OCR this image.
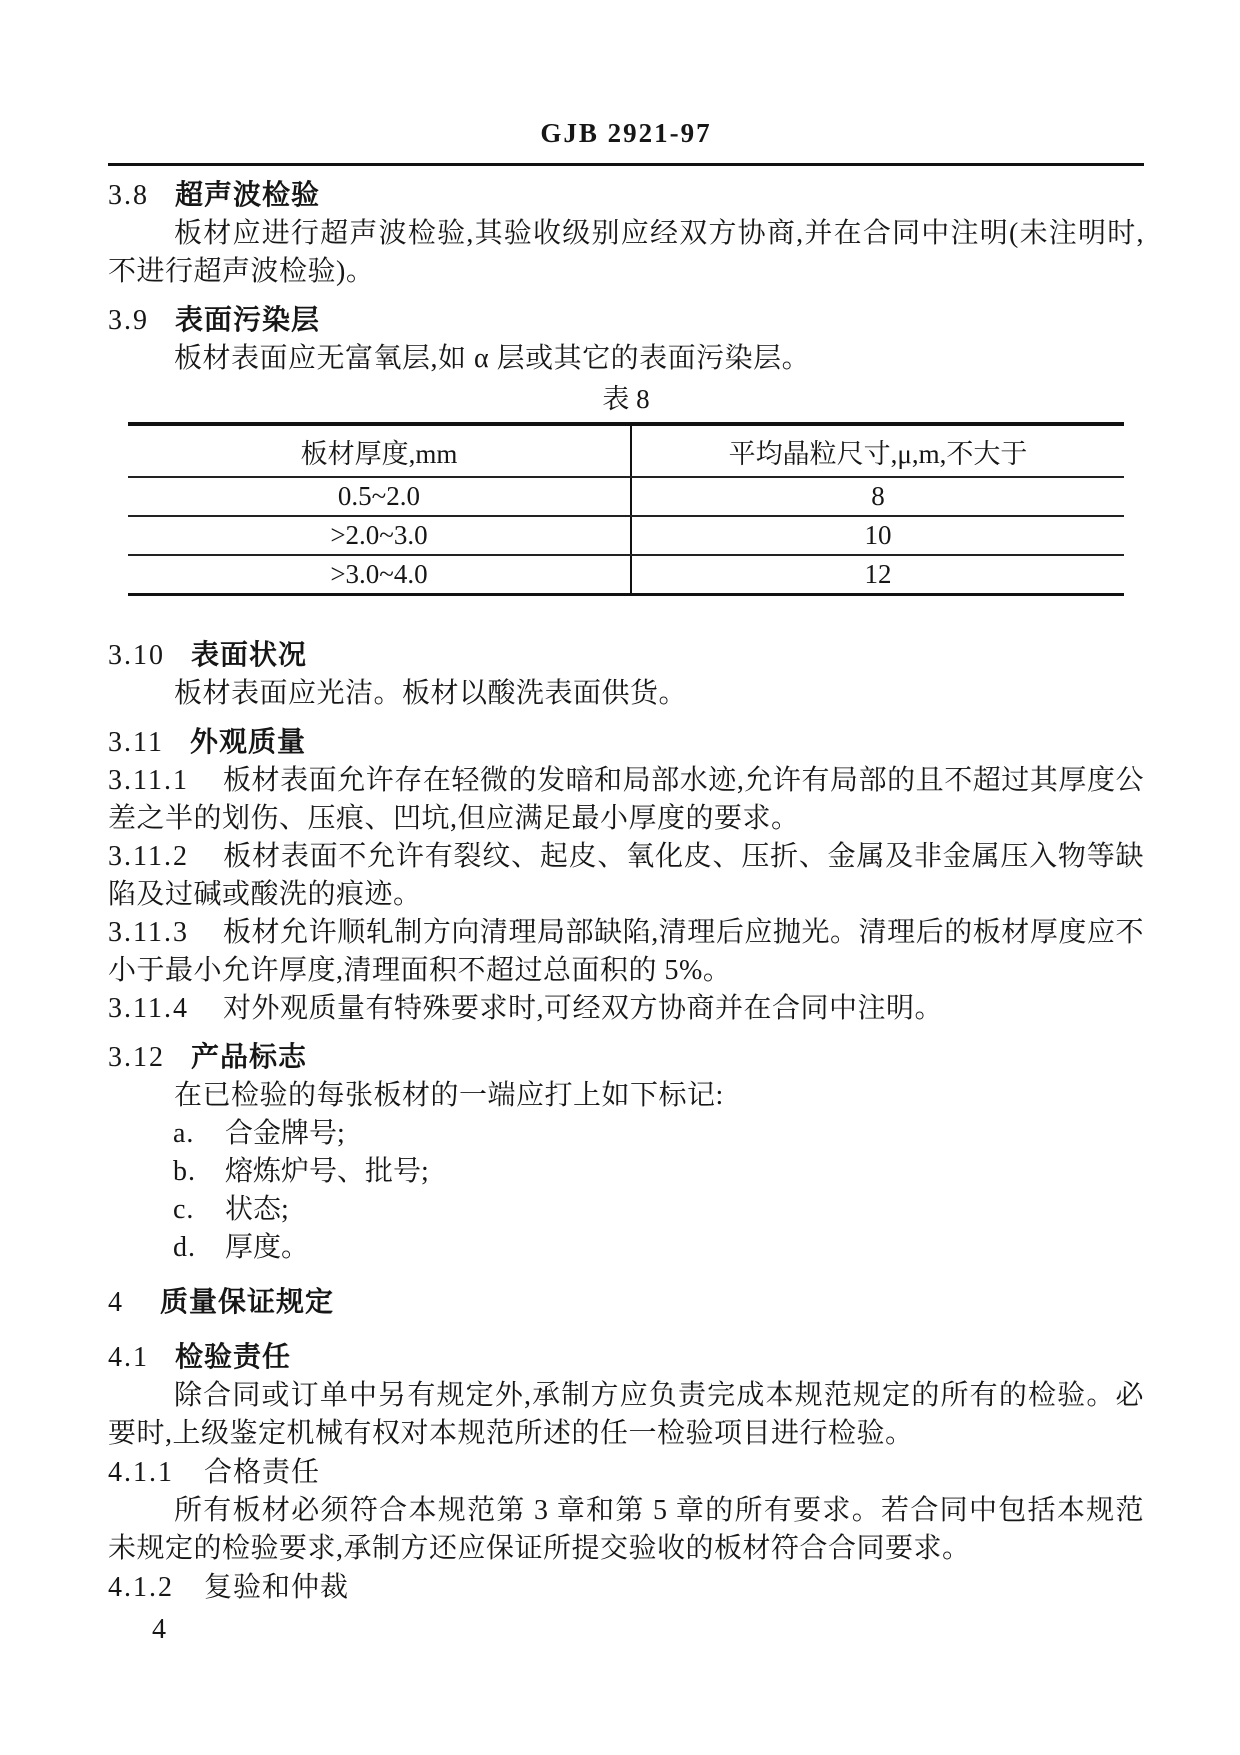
GJB 2921-97

3.8 超声波检验

板材应进行超声波检验,其验收级别应经双方协商,并在合同中注明(未注明时,不进行超声波检验)。

3.9 表面污染层

板材表面应无富氧层,如 α 层或其它的表面污染层。

表 8
板材厚度,mm	平均晶粒尺寸,μ,m,不大于
0.5~2.0	8
>2.0~3.0	10
>3.0~4.0	12

3.10 表面状况

板材表面应光洁。板材以酸洗表面供货。

3.11 外观质量

3.11.1 板材表面允许存在轻微的发暗和局部水迹,允许有局部的且不超过其厚度公差之半的划伤、压痕、凹坑,但应满足最小厚度的要求。

3.11.2 板材表面不允许有裂纹、起皮、氧化皮、压折、金属及非金属压入物等缺陷及过碱或酸洗的痕迹。

3.11.3 板材允许顺轧制方向清理局部缺陷,清理后应抛光。清理后的板材厚度应不小于最小允许厚度,清理面积不超过总面积的 5%。

3.11.4 对外观质量有特殊要求时,可经双方协商并在合同中注明。

3.12 产品标志

在已检验的每张板材的一端应打上如下标记:

a. 合金牌号;

b. 熔炼炉号、批号;

c. 状态;

d. 厚度。

4 质量保证规定

4.1 检验责任

除合同或订单中另有规定外,承制方应负责完成本规范规定的所有的检验。必要时,上级鉴定机械有权对本规范所述的任一检验项目进行检验。

4.1.1 合格责任

所有板材必须符合本规范第 3 章和第 5 章的所有要求。若合同中包括本规范未规定的检验要求,承制方还应保证所提交验收的板材符合合同要求。

4.1.2 复验和仲裁

4
